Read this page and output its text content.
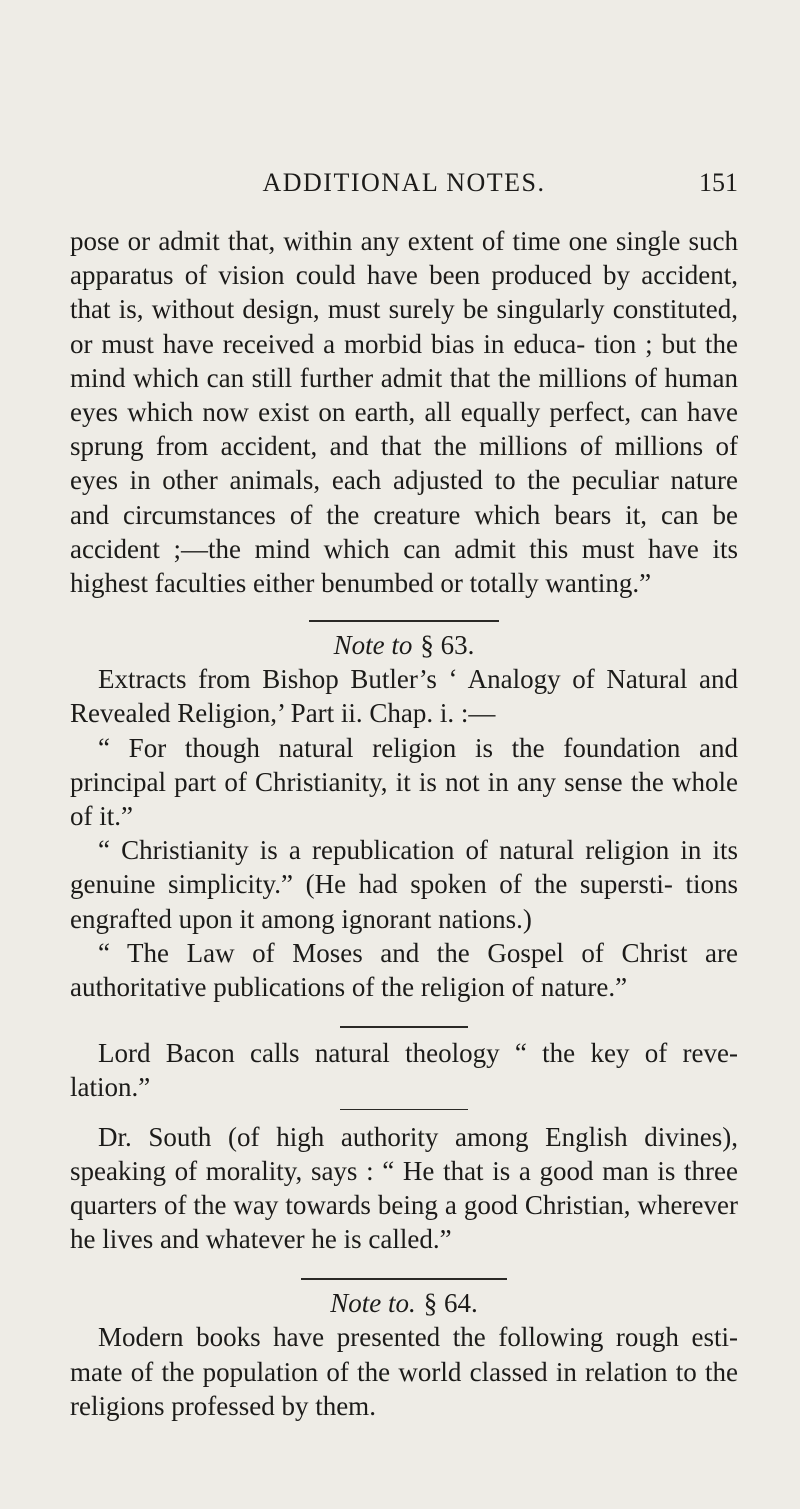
ADDITIONAL NOTES.	151

pose or admit that, within any extent of time one single such apparatus of vision could have been produced by accident, that is, without design, must surely be singularly constituted, or must have received a morbid bias in educa- tion ; but the mind which can still further admit that the millions of human eyes which now exist on earth, all equally perfect, can have sprung from accident, and that the millions of millions of eyes in other animals, each adjusted to the peculiar nature and circumstances of the creature which bears it, can be accident ;—the mind which can admit this must have its highest faculties either benumbed or totally wanting.”

Note to § 63.

Extracts from Bishop Butler’s ‘ Analogy of Natural and Revealed Religion,’ Part ii. Chap. i. :—

“ For though natural religion is the foundation and principal part of Christianity, it is not in any sense the whole of it.”

“ Christianity is a republication of natural religion in its genuine simplicity.” (He had spoken of the supersti- tions engrafted upon it among ignorant nations.)

“ The Law of Moses and the Gospel of Christ are authoritative publications of the religion of nature.”

Lord Bacon calls natural theology “ the key of reve- lation.”

Dr. South (of high authority among English divines), speaking of morality, says : “ He that is a good man is three quarters of the way towards being a good Christian, wherever he lives and whatever he is called.”

Note to. § 64.

Modern books have presented the following rough esti- mate of the population of the world classed in relation to the religions professed by them.
